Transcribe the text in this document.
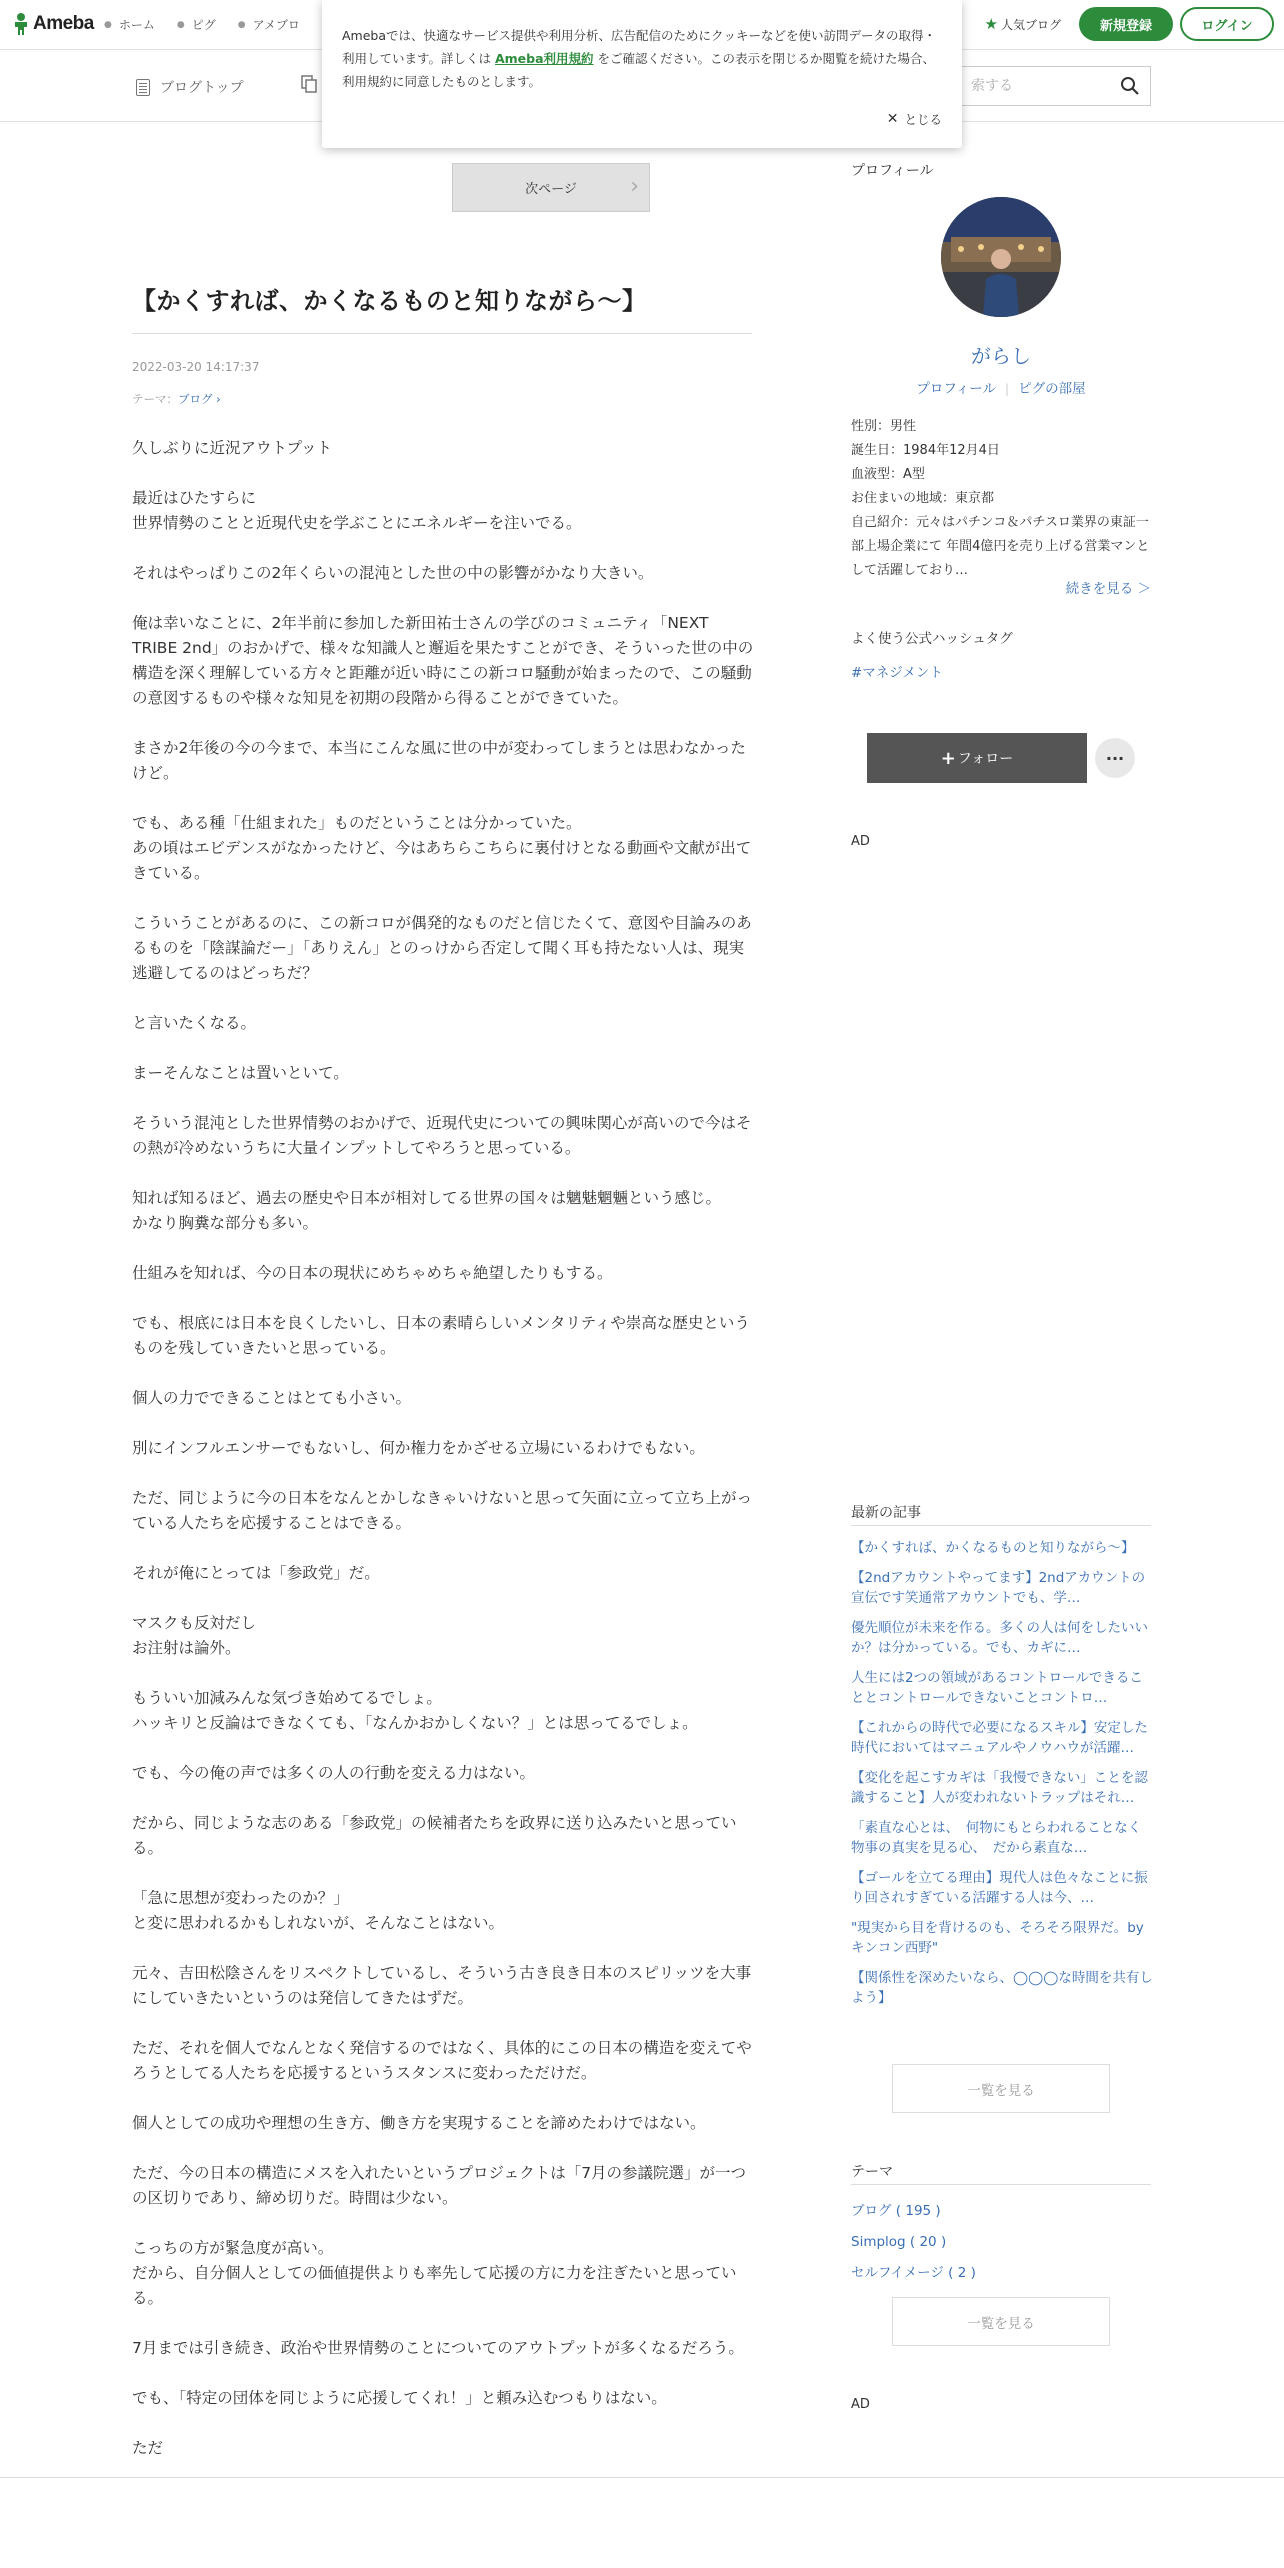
Ameba ● ホーム ● ピグ ● アメブロ	★ 人気ブログ	新規登録	ログイン
ブログトップ
索する

Amebaでは、快適なサービス提供や利用分析、広告配信のためにクッキーなどを使い訪問データの取得・利用しています。詳しくは Ameba利用規約 をご確認ください。この表示を閉じるか閲覧を続けた場合、利用規約に同意したものとします。

✕ とじる
次ページ ›
【かくすれば、かくなるものと知りながら〜】
2022-03-20 14:17:37
テーマ：ブログ ›
久しぶりに近況アウトプット
最近はひたすらに
世界情勢のことと近現代史を学ぶことにエネルギーを注いでる。
それはやっぱりこの2年くらいの混沌とした世の中の影響がかなり大きい。
俺は幸いなことに、2年半前に参加した新田祐士さんの学びのコミュニティ「NEXT TRIBE 2nd」のおかげで、様々な知識人と邂逅を果たすことができ、そういった世の中の構造を深く理解している方々と距離が近い時にこの新コロ騒動が始まったので、この騒動の意図するものや様々な知見を初期の段階から得ることができていた。
まさか2年後の今の今まで、本当にこんな風に世の中が変わってしまうとは思わなかったけど。
でも、ある種「仕組まれた」ものだということは分かっていた。
あの頃はエビデンスがなかったけど、今はあちらこちらに裏付けとなる動画や文献が出てきている。
こういうことがあるのに、この新コロが偶発的なものだと信じたくて、意図や目論みのあるものを「陰謀論だー」「ありえん」とのっけから否定して聞く耳も持たない人は、現実逃避してるのはどっちだ？
と言いたくなる。
まーそんなことは置いといて。
そういう混沌とした世界情勢のおかげで、近現代史についての興味関心が高いので今はその熱が冷めないうちに大量インプットしてやろうと思っている。
知れば知るほど、過去の歴史や日本が相対してる世界の国々は魑魅魍魎という感じ。
かなり胸糞な部分も多い。
仕組みを知れば、今の日本の現状にめちゃめちゃ絶望したりもする。
でも、根底には日本を良くしたいし、日本の素晴らしいメンタリティや崇高な歴史というものを残していきたいと思っている。
個人の力でできることはとても小さい。
別にインフルエンサーでもないし、何か権力をかざせる立場にいるわけでもない。
ただ、同じように今の日本をなんとかしなきゃいけないと思って矢面に立って立ち上がっている人たちを応援することはできる。
それが俺にとっては「参政党」だ。
マスクも反対だし
お注射は論外。
もういい加減みんな気づき始めてるでしょ。
ハッキリと反論はできなくても、「なんかおかしくない？」とは思ってるでしょ。
でも、今の俺の声では多くの人の行動を変える力はない。
だから、同じような志のある「参政党」の候補者たちを政界に送り込みたいと思っている。
「急に思想が変わったのか？」
と変に思われるかもしれないが、そんなことはない。
元々、吉田松陰さんをリスペクトしているし、そういう古き良き日本のスピリッツを大事にしていきたいというのは発信してきたはずだ。
ただ、それを個人でなんとなく発信するのではなく、具体的にこの日本の構造を変えてやろうとしてる人たちを応援するというスタンスに変わっただけだ。
個人としての成功や理想の生き方、働き方を実現することを諦めたわけではない。
ただ、今の日本の構造にメスを入れたいというプロジェクトは「7月の参議院選」が一つの区切りであり、締め切りだ。時間は少ない。
こっちの方が緊急度が高い。
だから、自分個人としての価値提供よりも率先して応援の方に力を注ぎたいと思っている。
7月までは引き続き、政治や世界情勢のことについてのアウトプットが多くなるだろう。
でも、「特定の団体を同じように応援してくれ！」と頼み込むつもりはない。
ただ
プロフィール
がらし
プロフィール | ピグの部屋
性別：男性
誕生日：1984年12月4日
血液型：A型
お住まいの地域：東京都
自己紹介：元々はパチンコ＆パチスロ業界の東証一部上場企業にて 年間4億円を売り上げる営業マンとして活躍しており…
続きを見る ＞
よく使う公式ハッシュタグ
#マネジメント
+ フォロー	···
AD
最新の記事
【かくすれば、かくなるものと知りながら〜】
【2ndアカウントやってます】2ndアカウントの宣伝です笑通常アカウントでも、学…
優先順位が未来を作る。多くの人は何をしたいいか？は分かっている。でも、カギに…
人生には2つの領域があるコントロールできることとコントロールできないことコントロ…
【これからの時代で必要になるスキル】安定した時代においてはマニュアルやノウハウが活躍…
【変化を起こすカギは「我慢できない」ことを認識すること】人が変われないトラップはそれ…
「素直な心とは、　何物にもとらわれることなく　物事の真実を見る心、　だから素直な…
【ゴールを立てる理由】現代人は色々なことに振り回されすぎている活躍する人は今、…
"現実から目を背けるのも、そろそろ限界だ。byキンコン西野"
【関係性を深めたいなら、◯◯◯な時間を共有しよう】
一覧を見る
テーマ
ブログ ( 195 )
Simplog ( 20 )
セルフイメージ ( 2 )
一覧を見る
AD
